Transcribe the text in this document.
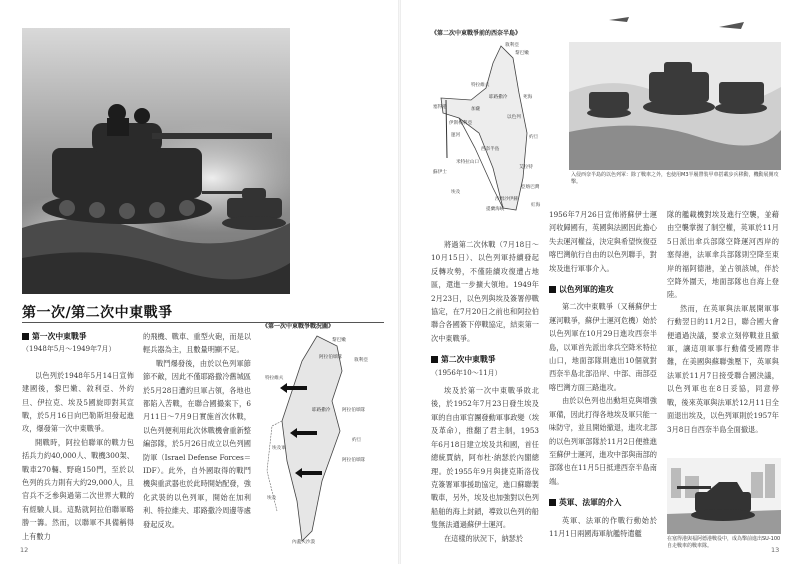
第一次/第二次中東戰爭
第一次中東戰爭
（1948年5月～1949年7月）

以色列於1948年5月14日宣佈建國後，黎巴嫩、敘利亞、外約旦、伊拉克、埃及5國旋即對其宣戰，於5月16日向巴勒斯坦發起進攻，爆發第一次中東戰爭。

開戰時，阿拉伯聯軍的戰力包括兵力約40,000人、戰機300架、戰車270輛、野砲150門，至於以色列的兵力則有大約29,000人，且官兵不乏參與過第二次世界大戰的有經驗人員。這點就阿拉伯聯軍略勝一籌。然而，以聯軍不具備稱得上有數力

的飛機、戰車、重型火砲，而是以輕兵器為主，且數量明顯不足。

戰鬥爆發後，由於以色列軍節節不敵，因此不僅耶路撒冷舊城區於5月28日遭約旦軍占領，各地也都陷入苦戰，在聯合國撮案下，6月11日～7月9日實施首次休戰，以色列便利用此次休戰機會重新整編部隊，於5月26日成立以色列國防軍（Israel Defense Forces＝IDF）。此外，自外國取得的戰鬥機與重武器也於此時開始配發，強化武裝的以色列軍，開始在加利利、特拉維夫、耶路撒冷周邊等處發起反攻。

《第一次中東戰爭戰況圖》
黎巴嫩
阿拉伯軍隊
敘利亞
特拉維夫
耶路撒冷	阿拉伯軍隊
埃及軍
阿拉伯軍隊
約旦
埃及
內蓋夫沙漠
12
《第二次中東戰爭前的西奈半島》
敘利亞
黎巴嫩
特拉維夫
耶路撒冷
以色列
加薩
塞得港
運河
蘇伊士
伊斯梅利亞
西奈半島
米特拉山口
約旦
埃及
亞喀巴灣
提蘭海峽
紅海
死海
艾拉特
沙姆沙伊赫
入侵西奈半島的以色列軍：除了戰車之外，也使用M3半履帶裝甲車搭載步兵移動，機動展開攻擊。

將過第二次休戰（7月18日～10月15日）、以色列軍持續發起反轉攻勢，不僅陸續攻復遭占地區，還進一步擴大領地。1949年2月23日，以色列與埃及簽署停戰協定，在7月20日之前也和阿拉伯聯合各國簽下停戰協定，結束第一次中東戰爭。

第二次中東戰爭
（1956年10～11月）

埃及於第一次中東戰爭敗北後，於1952年7月23日發生埃及軍的自由軍官團發動軍事政變（埃及革命），推翻了君主制，1953年6月18日建立埃及共和國，首任總統賈納，阿布杜·納瑟於內閣總理。於1955年9月與捷克斯洛伐克簽署軍事援助協定，進口蘇聯製戰車，另外，埃及也加強對以色列船舶的海上封鎖，導致以色列的船隻無法通過蘇伊士運河。

在這樣的狀況下，納瑟於

1956年7月26日宣佈將蘇伊士運河收歸國有，英國與法國因此擔心失去運河權益，決定與希望恢復亞喀巴灣航行自由的以色列聯手，對埃及進行軍事介入。

以色列軍的進攻

第二次中東戰爭（又稱蘇伊士運河戰爭，蘇伊士運河危機）始於以色列軍在10月29日進攻西奈半島，以軍首先派出傘兵空降米特拉山口，地面部隊則進出10個就對西奈半島北部沿岸、中部、南部亞喀巴灣方面三路進攻。

由於以色列也出動坦克與增強軍備，因此打得各地埃及軍只能一味防守，並且開始撤退，進攻北部的以色列軍部隊於11月2日便推進至蘇伊士運河，進攻中部與南部的部隊也在11月5日抵達西奈半島南端。

英軍、法軍的介入

英軍、法軍的作戰行動始於11月1日兩國海軍航艦特遣艦

隊的艦載機對埃及進行空襲，並藉由空襲掌握了制空權，英軍於11月5日派出傘兵部隊空降運河西岸的塞得港，法軍傘兵部隊則空降至東岸的福阿德港，並占領該城，伴於空降外圍天，地面部隊也自海上登陸。

然而，在英軍與法軍展開軍事行動翌日的11月2日，聯合國大會便通過決議，要求立刻停戰並且撤軍，讓這項軍事行動備受國際非難，在美國與蘇聯強壓下，英軍與法軍於11月7日接受聯合國決議，以色列軍也在8日妥協，同意停戰，後來英軍與法軍於12月11日全面退出埃及，以色列軍則於1957年3月8日自西奈半島全面撤退。

在塞得港與福阿德港戰役中，成為擊前進出SU-100自走戰車的戰車隊。	13
